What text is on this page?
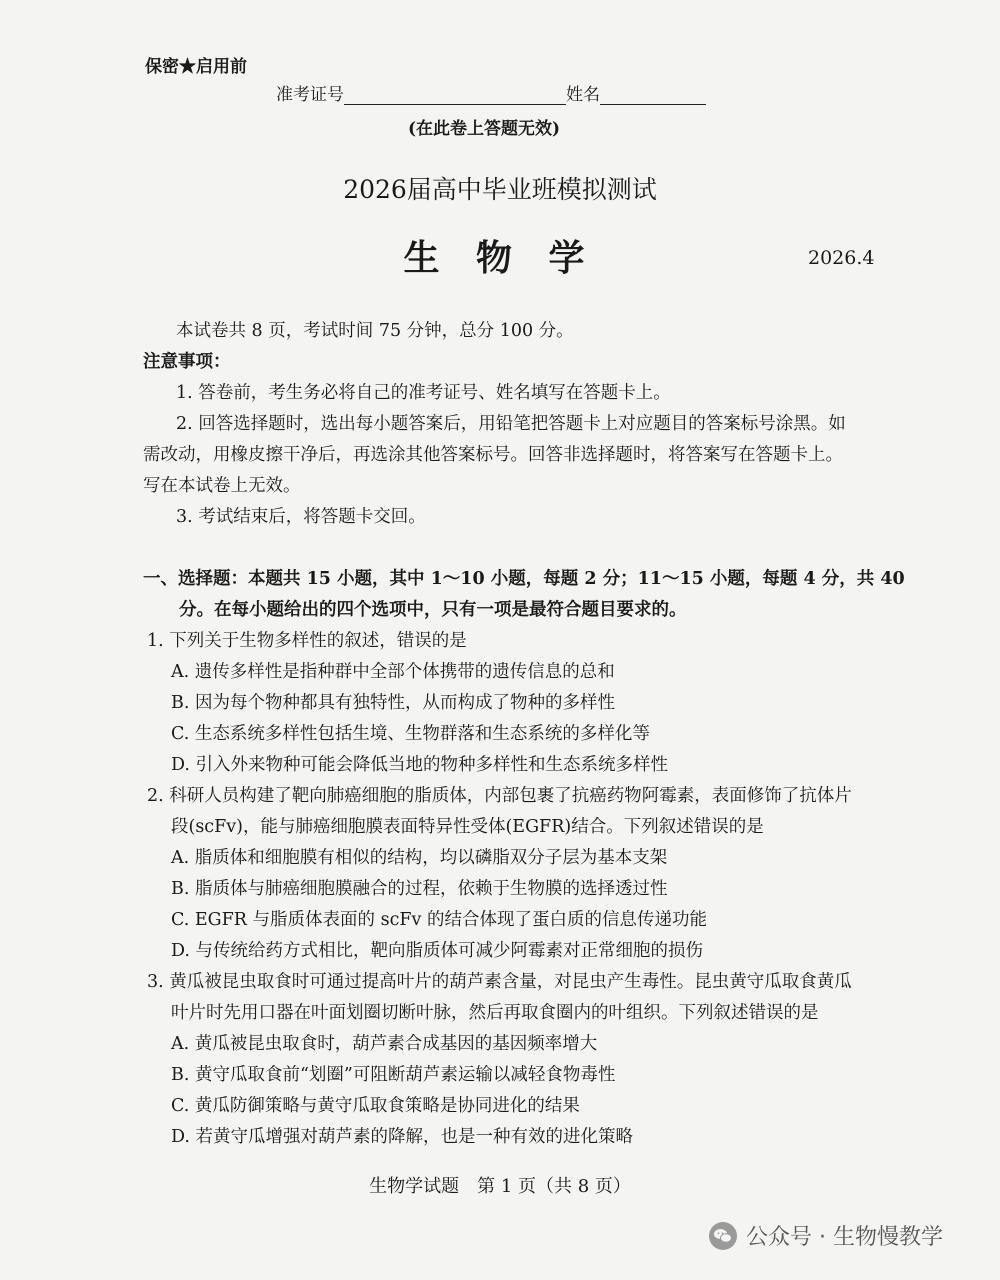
保密★启用前
准考证号	姓名
(在此卷上答题无效)
2026届高中毕业班模拟测试
生 物 学	2026.4
本试卷共 8 页，考试时间 75 分钟，总分 100 分。
注意事项：
1. 答卷前，考生务必将自己的准考证号、姓名填写在答题卡上。
2. 回答选择题时，选出每小题答案后，用铅笔把答题卡上对应题目的答案标号涂黑。如
需改动，用橡皮擦干净后，再选涂其他答案标号。回答非选择题时，将答案写在答题卡上。
写在本试卷上无效。
3. 考试结束后，将答题卡交回。
一、选择题：本题共 15 小题，其中 1～10 小题，每题 2 分；11～15 小题，每题 4 分，共 40
分。在每小题给出的四个选项中，只有一项是最符合题目要求的。
1. 下列关于生物多样性的叙述，错误的是
A. 遗传多样性是指种群中全部个体携带的遗传信息的总和
B. 因为每个物种都具有独特性，从而构成了物种的多样性
C. 生态系统多样性包括生境、生物群落和生态系统的多样化等
D. 引入外来物种可能会降低当地的物种多样性和生态系统多样性
2. 科研人员构建了靶向肺癌细胞的脂质体，内部包裹了抗癌药物阿霉素，表面修饰了抗体片
段(scFv)，能与肺癌细胞膜表面特异性受体(EGFR)结合。下列叙述错误的是
A. 脂质体和细胞膜有相似的结构，均以磷脂双分子层为基本支架
B. 脂质体与肺癌细胞膜融合的过程，依赖于生物膜的选择透过性
C. EGFR 与脂质体表面的 scFv 的结合体现了蛋白质的信息传递功能
D. 与传统给药方式相比，靶向脂质体可减少阿霉素对正常细胞的损伤
3. 黄瓜被昆虫取食时可通过提高叶片的葫芦素含量，对昆虫产生毒性。昆虫黄守瓜取食黄瓜
叶片时先用口器在叶面划圈切断叶脉，然后再取食圈内的叶组织。下列叙述错误的是
A. 黄瓜被昆虫取食时，葫芦素合成基因的基因频率增大
B. 黄守瓜取食前“划圈”可阻断葫芦素运输以减轻食物毒性
C. 黄瓜防御策略与黄守瓜取食策略是协同进化的结果
D. 若黄守瓜增强对葫芦素的降解，也是一种有效的进化策略
生物学试题　第 1 页（共 8 页）
公众号 · 生物慢教学
